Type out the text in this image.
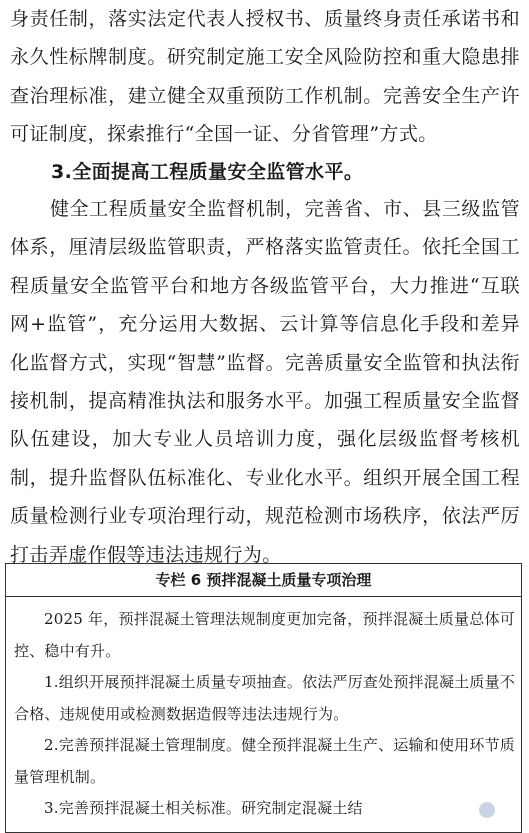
身责任制，落实法定代表人授权书、质量终身责任承诺书和永久性标牌制度。研究制定施工安全风险防控和重大隐患排查治理标准，建立健全双重预防工作机制。完善安全生产许可证制度，探索推行“全国一证、分省管理”方式。
3.全面提高工程质量安全监管水平。
健全工程质量安全监督机制，完善省、市、县三级监管体系，厘清层级监管职责，严格落实监管责任。依托全国工程质量安全监管平台和地方各级监管平台，大力推进“互联网+监管”，充分运用大数据、云计算等信息化手段和差异化监督方式，实现“智慧”监督。完善质量安全监管和执法衔接机制，提高精准执法和服务水平。加强工程质量安全监督队伍建设，加大专业人员培训力度，强化层级监督考核机制，提升监督队伍标准化、专业化水平。组织开展全国工程质量检测行业专项治理行动，规范检测市场秩序，依法严厉打击弄虚作假等违法违规行为。
专栏 6 预拌混凝土质量专项治理

2025 年，预拌混凝土管理法规制度更加完备，预拌混凝土质量总体可控、稳中有升。

1.组织开展预拌混凝土质量专项抽查。依法严厉查处预拌混凝土质量不合格、违规使用或检测数据造假等违法违规行为。

2.完善预拌混凝土管理制度。健全预拌混凝土生产、运输和使用环节质量管理机制。

3.完善预拌混凝土相关标准。研究制定混凝土结
